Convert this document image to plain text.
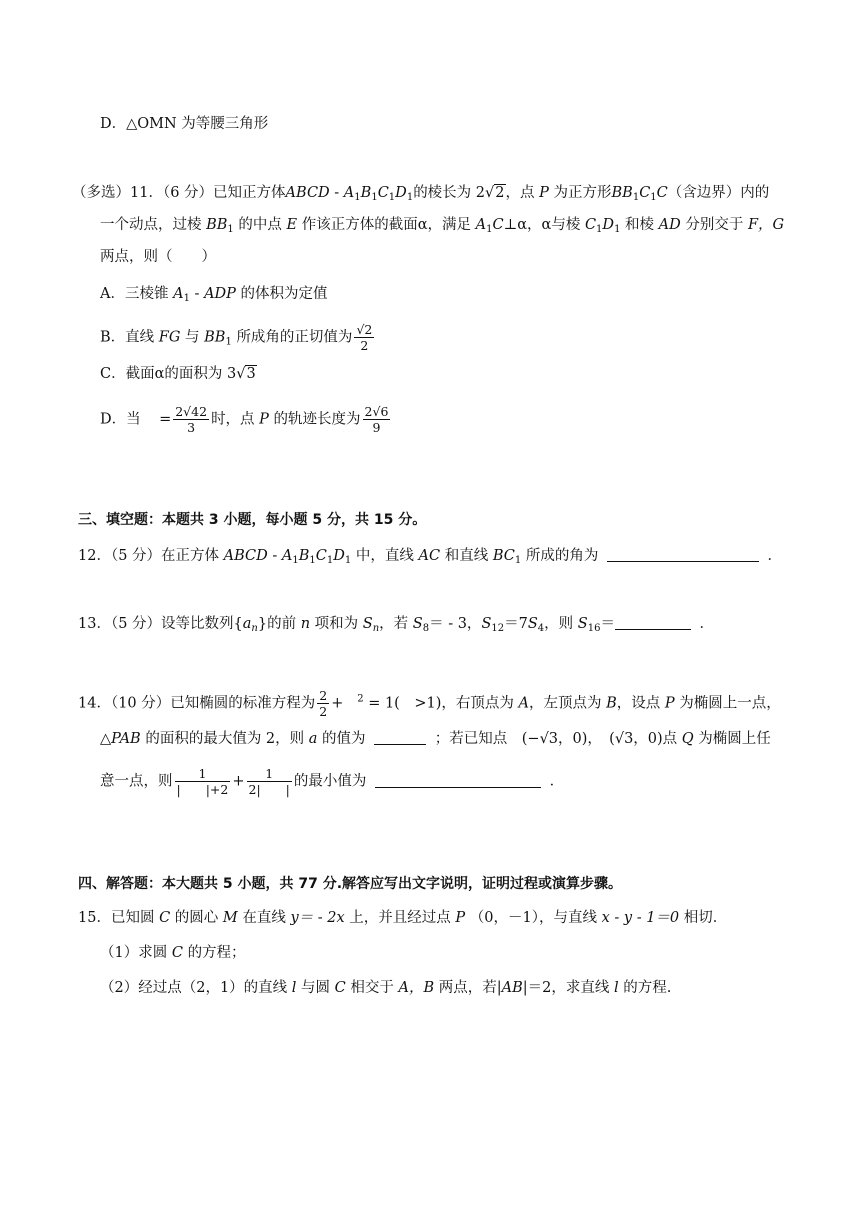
D．△OMN 为等腰三角形
（多选）11．（6 分）已知正方体ABCD - $A_1B_1C_1D_1$的棱长为 2√2，点 P 为正方形$BB_1C_1C$（含边界）内的
一个动点，过棱 $BB_1$ 的中点 E 作该正方体的截面α，满足 $A_1C\perp\alpha$，α与棱 $C_1D_1$ 和棱 AD 分别交于 F，G
两点，则（　　）
A．三棱锥 $A_1$ - ADP 的体积为定值
B．直线 FG 与 $BB_1$ 所成角的正切值为 $\frac{√2}{2}$
C．截面α的面积为 3√3
D．当 = $\frac{2√42}{3}$ 时，点 P 的轨迹长度为 $\frac{2√6}{9}$
三、填空题：本题共 3 小题，每小题 5 分，共 15 分。
12．（5 分）在正方体 ABCD - $A_1B_1C_1D_1$ 中，直线 AC 和直线 $BC_1$ 所成的角为	．
13．（5 分）设等比数列$\{a_n\}$的前 n 项和为 $S_n$，若 $S_8= - 3$，$S_{12}=7S_4$，则 $S_{16}=$	．
14．（10 分）已知椭圆的标准方程为 $\frac{2}{2} + ^2 = 1$(　>1)，右顶点为 A，左顶点为 B，设点 P 为椭圆上一点，
△PAB 的面积的最大值为 2，则 a 的值为	；若已知点　(−√3，0)，　(√3，0)点 Q 为椭圆上任
意一点，则 $\frac{1}{| |+2} + \frac{1}{2| |}$ 的最小值为	．
四、解答题：本大题共 5 小题，共 77 分.解答应写出文字说明，证明过程或演算步骤。
15．已知圆 C 的圆心 M 在直线 y＝ - 2x 上，并且经过点 P （0，－1），与直线 x - y - 1＝0 相切．
（1）求圆 C 的方程；
（2）经过点（2，1）的直线 l 与圆 C 相交于 A，B 两点，若|AB|＝2，求直线 l 的方程.
